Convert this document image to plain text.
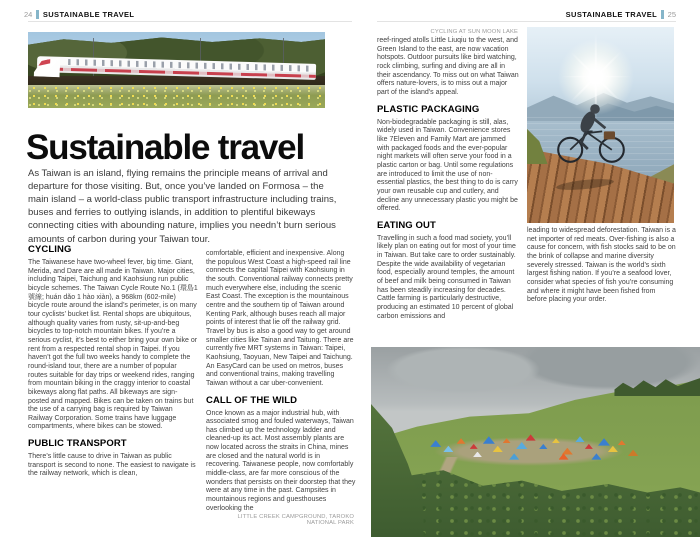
24 SUSTAINABLE TRAVEL	SUSTAINABLE TRAVEL 25
Sustainable travel

As Taiwan is an island, flying remains the principle means of arrival and departure for those visiting. But, once you’ve landed on Formosa – the main island – a world-class public transport infrastructure including trains, buses and ferries to outlying islands, in addition to plentiful bikeways connecting cities with abounding nature, implies you needn’t burn serious amounts of carbon during your Taiwan tour.

CYCLING

The Taiwanese have two-wheel fever, big time. Giant, Merida, and Dare are all made in Taiwan. Major cities, including Taipei, Taichung and Kaohsiung run public bicycle schemes. The Taiwan Cycle Route No.1 (環島1號線; huán dǎo 1 hào xiàn), a 968km (602-mile) bicycle route around the island’s perimeter, is on many tour cyclists’ bucket list. Rental shops are ubiquitous, although quality varies from rusty, sit-up-and-beg bicycles to top-notch mountain bikes. If you’re a serious cyclist, it’s best to either bring your own bike or rent from a respected rental shop in Taipei. If you haven’t got the full two weeks handy to complete the round-island tour, there are a number of popular routes suitable for day trips or weekend rides, ranging from mountain biking in the craggy interior to coastal bikeways along flat paths. All bikeways are sign-posted and mapped. Bikes can be taken on trains but the use of a carrying bag is required by Taiwan Railway Corporation. Some trains have luggage compartments, where bikes can be stowed.

PUBLIC TRANSPORT

There’s little cause to drive in Taiwan as public transport is second to none. The easiest to navigate is the railway network, which is clean,

comfortable, efficient and inexpensive. Along the populous West Coast a high-speed rail line connects the capital Taipei with Kaohsiung in the south. Conventional railway connects pretty much everywhere else, including the scenic East Coast. The exception is the mountainous centre and the southern tip of Taiwan around Kenting Park, although buses reach all major points of interest that lie off the railway grid. Travel by bus is also a good way to get around smaller cities like Tainan and Taitung. There are currently five MRT systems in Taiwan: Taipei, Kaohsiung, Taoyuan, New Taipei and Taichung. An EasyCard can be used on metros, buses and conventional trains, making travelling Taiwan without a car uber-convenient.

CALL OF THE WILD

Once known as a major industrial hub, with associated smog and fouled waterways, Taiwan has climbed up the technology ladder and cleaned-up its act. Most assembly plants are now located across the straits in China, mines are closed and the natural world is in recovering. Taiwanese people, now comfortably middle-class, are far more conscious of the wonders that persists on their doorstep that they were at any time in the past. Campsites in mountainous regions and guesthouses overlooking the

LITTLE CREEK CAMPGROUND, TAROKO NATIONAL PARK
CYCLING AT SUN MOON LAKE

reef-ringed atolls Little Liuqiu to the west, and Green Island to the east, are now vacation hotspots. Outdoor pursuits like bird watching, rock climbing, surfing and diving are all in their ascendancy. To miss out on what Taiwan offers nature-lovers, is to miss out a major part of the island’s appeal.

PLASTIC PACKAGING

Non-biodegradable packaging is still, alas, widely used in Taiwan. Convenience stores like 7Eleven and Family Mart are jammed with packaged foods and the ever-popular night markets will often serve your food in a plastic carton or bag. Until some regulations are introduced to limit the use of non-essential plastics, the best thing to do is carry your own reusable cup and cutlery, and decline any unnecessary plastic you might be offered.

EATING OUT

Travelling in such a food mad society, you’ll likely plan on eating out for most of your time in Taiwan. But take care to order sustainably. Despite the wide availability of vegetarian food, especially around temples, the amount of beef and milk being consumed in Taiwan has been steadily increasing for decades. Cattle farming is particularly destructive, producing an estimated 10 percent of global carbon emissions and

leading to widespread deforestation. Taiwan is a net importer of red meats. Over-fishing is also a cause for concern, with fish stocks said to be on the brink of collapse and marine diversity severely stressed. Taiwan is the world’s sixth largest fishing nation. If you’re a seafood lover, consider what species of fish you’re consuming and where it might have been fished from before placing your order.
